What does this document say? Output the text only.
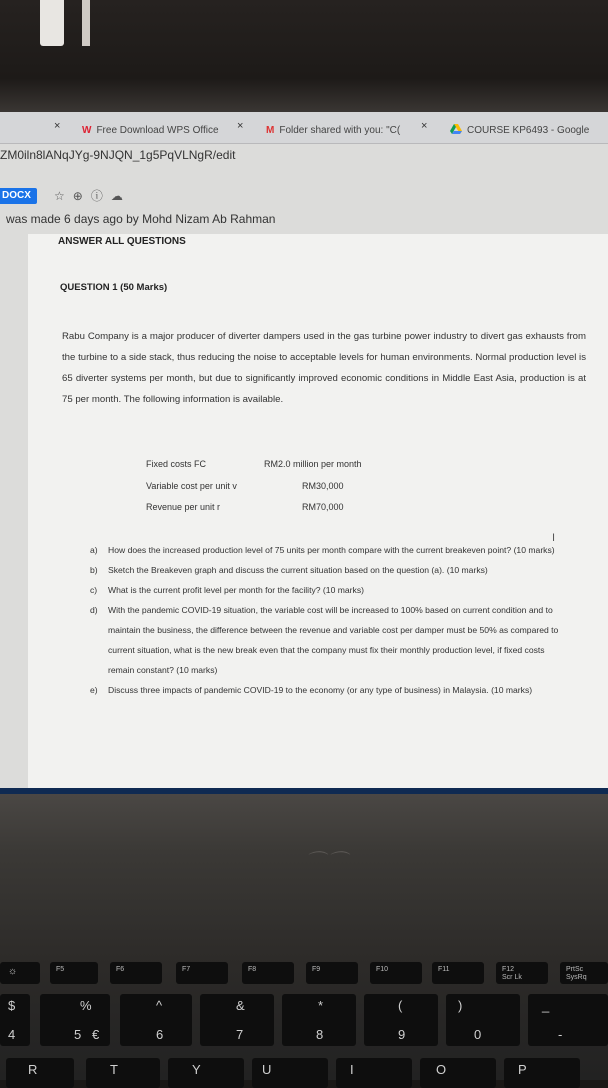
× W Free Download WPS Office × M Folder shared with you: "C( ×	COURSE KP6493 - Google
ZM0iln8lANqJYg-9NJQN_1g5PqVLNgR/edit
DOCX	☆⊕ⓘ☁
was made 6 days ago by Mohd Nizam Ab Rahman
ANSWER ALL QUESTIONS
QUESTION 1 (50 Marks)
Rabu Company is a major producer of diverter dampers used in the gas turbine power industry to divert gas exhausts from the turbine to a side stack, thus reducing the noise to acceptable levels for human environments. Normal production level is 65 diverter systems per month, but due to significantly improved economic conditions in Middle East Asia, production is at 75 per month. The following information is available.
Fixed costs FC	RM2.0 million per month
Variable cost per unit v	RM30,000
Revenue per unit r	RM70,000
I
a) How does the increased production level of 75 units per month compare with the current breakeven point? (10 marks)
b) Sketch the Breakeven graph and discuss the current situation based on the question (a). (10 marks)
c) What is the current profit level per month for the facility? (10 marks)
d) With the pandemic COVID-19 situation, the variable cost will be increased to 100% based on current condition and to maintain the business, the difference between the revenue and variable cost per damper must be 50% as compared to current situation, what is the new break even that the company must fix their monthly production level, if fixed costs remain constant? (10 marks)
e) Discuss three impacts of pandemic COVID-19 to the economy (or any type of business) in Malaysia. (10 marks)
⌒⌒
☼	F5	F6	F7	F8	F9	F10	F11	F12
Scr Lk
PrtSc
SysRq
$
4
%
5 €
^
6
&
7
*
8
(
9
)
0
_
-
R	T	Y	U	I	O	P
